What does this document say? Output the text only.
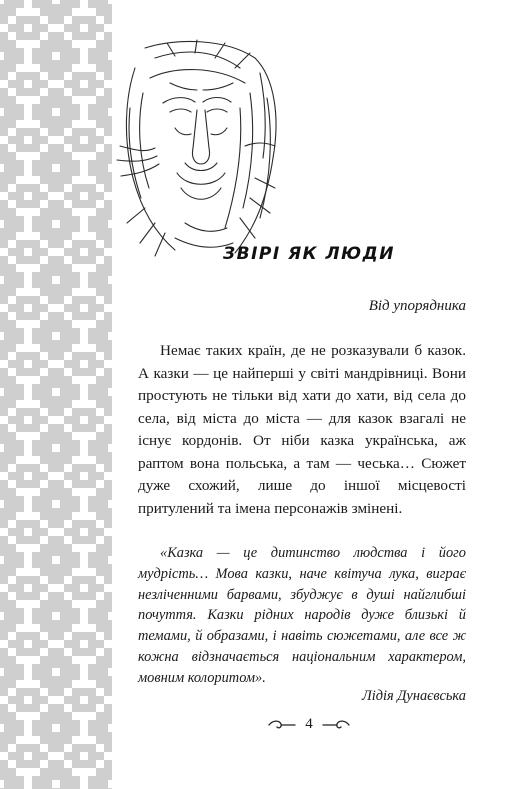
ЗВІРІ ЯК ЛЮДИ
Від упорядника

Немає таких країн, де не розказували б казок. А казки — це найперші у світі мандрівниці. Вони простують не тільки від хати до хати, від села до села, від міста до міста — для казок взагалі не існує кордонів. От ніби казка українська, аж раптом вона польська, а там — чеська… Сюжет дуже схожий, лише до іншої місцевості притулений та імена персонажів змінені.

«Казка — це дитинство людства і його мудрість… Мова казки, наче квітуча лука, виграє незліченними барвами, збуджує в душі найглибші почуття. Казки рідних народів дуже близькі й темами, й образами, і навіть сюжетами, але все ж кожна відзначається національним характером, мовним колоритом».

Лідія Дунаєвська
4
